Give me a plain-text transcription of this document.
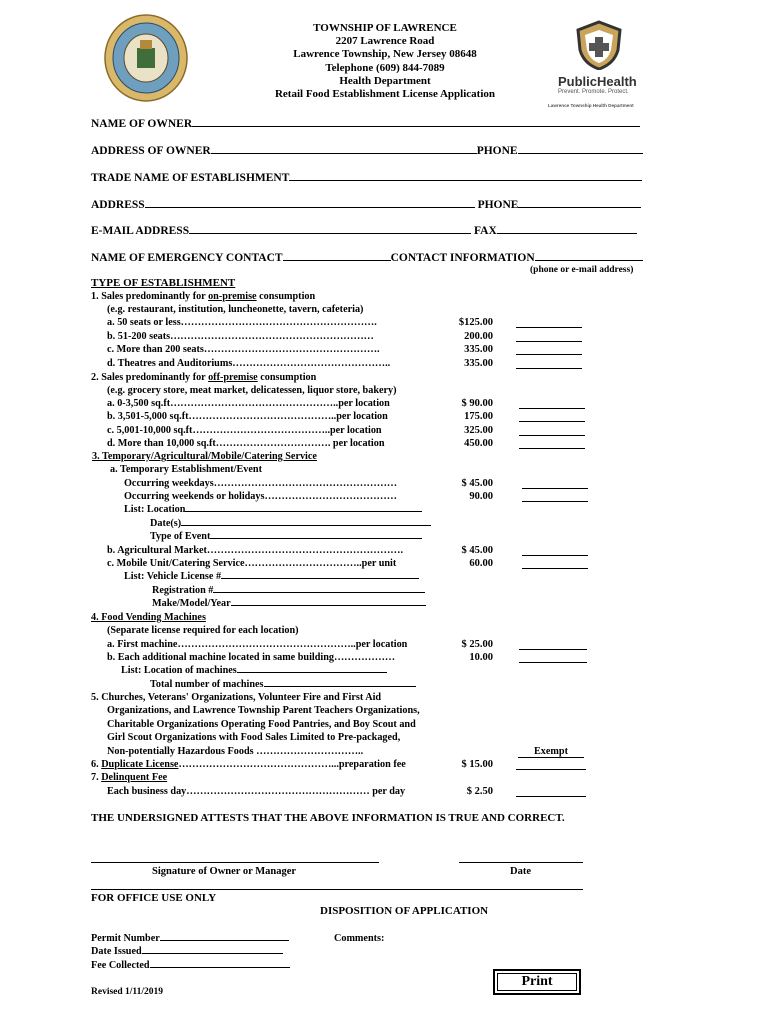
PublicHealth
Prevent. Promote. Protect.
Lawrence Township Health Department
TOWNSHIP OF LAWRENCE
2207 Lawrence Road
Lawrence Township, New Jersey 08648
Telephone (609) 844-7089
Health Department
Retail Food Establishment License Application
NAME OF OWNER
ADDRESS OF OWNER	PHONE
TRADE NAME OF ESTABLISHMENT
ADDRESS	PHONE
E-MAIL ADDRESS	FAX
NAME OF EMERGENCY CONTACT	CONTACT INFORMATION
(phone or e-mail address)
TYPE OF ESTABLISHMENT
1. Sales predominantly for on-premise consumption
(e.g. restaurant, institution, luncheonette, tavern, cafeteria)
a. 50 seats or less………………………………………………….	$125.00
b. 51-200 seats……………………………………………………	200.00
c. More than 200 seats…………………………………………….	335.00
d. Theatres and Auditoriums………………………………………..	335.00
2. Sales predominantly for off-premise consumption
(e.g. grocery store, meat market, delicatessen, liquor store, bakery)
a. 0-3,500 sq.ft…………………………………………..per location	$ 90.00
b. 3,501-5,000 sq.ft……………………………………..per location	175.00
c. 5,001-10,000 sq.ft…………………………………..per location	325.00
d. More than 10,000 sq.ft……………………………. per location	450.00
3. Temporary/Agricultural/Mobile/Catering Service
a. Temporary Establishment/Event
Occurring weekdays………………………………………………	$ 45.00
Occurring weekends or holidays…………………………………	90.00
List: Location
Date(s)
Type of Event
b. Agricultural Market………………………………………………….	$ 45.00
c. Mobile Unit/Catering Service……………………………..per unit	60.00
List: Vehicle License #
Registration #
Make/Model/Year
4. Food Vending Machines
(Separate license required for each location)
a. First machine……………………………………………..per location	$ 25.00
b. Each additional machine located in same building………………	10.00
List: Location of machines
Total number of machines
5. Churches, Veterans' Organizations, Volunteer Fire and First Aid
Organizations, and Lawrence Township Parent Teachers Organizations,
Charitable Organizations Operating Food Pantries, and Boy Scout and
Girl Scout Organizations with Food Sales Limited to Pre-packaged,
Non-potentially Hazardous Foods …………………………..	Exempt
6. Duplicate License………………………………………...preparation fee	$ 15.00
7. Delinquent Fee
Each business day……………………………………………… per day	$ 2.50
THE UNDERSIGNED ATTESTS THAT THE ABOVE INFORMATION IS TRUE AND CORRECT.
Signature of Owner or Manager	Date
FOR OFFICE USE ONLY
DISPOSITION OF APPLICATION
Permit Number	Comments:
Date Issued
Fee Collected
Revised 1/11/2019
Print
